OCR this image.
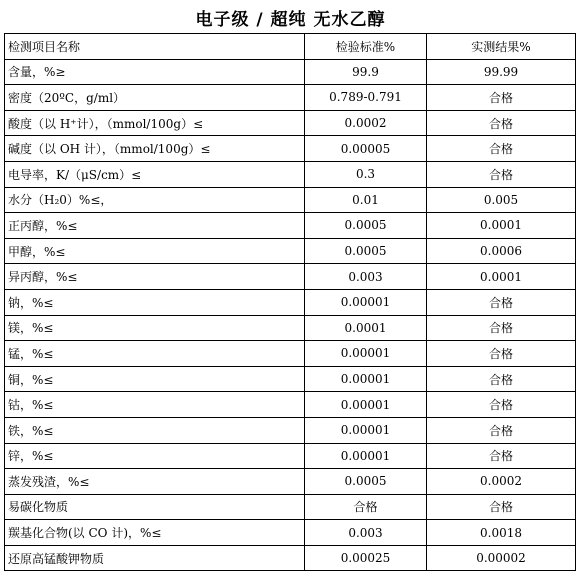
电子级 / 超纯 无水乙醇
检测项目名称	检验标准%	实测结果%
含量，%≥	99.9	99.99
密度（20ºC，g/ml）	0.789-0.791	合格
酸度（以 H⁺计），（mmol/100g）≤	0.0002	合格
碱度（以 OH 计），（mmol/100g）≤	0.00005	合格
电导率，K/（μS/cm）≤	0.3	合格
水分（H₂0）%≤，	0.01	0.005
正丙醇，%≤	0.0005	0.0001
甲醇，%≤	0.0005	0.0006
异丙醇，%≤	0.003	0.0001
钠，%≤	0.00001	合格
镁，%≤	0.0001	合格
锰，%≤	0.00001	合格
铜，%≤	0.00001	合格
钴，%≤	0.00001	合格
铁，%≤	0.00001	合格
锌，%≤	0.00001	合格
蒸发残渣，%≤	0.0005	0.0002
易碳化物质	合格	合格
羰基化合物(以 CO 计)，%≤	0.003	0.0018
还原高锰酸钾物质	0.00025	0.00002
